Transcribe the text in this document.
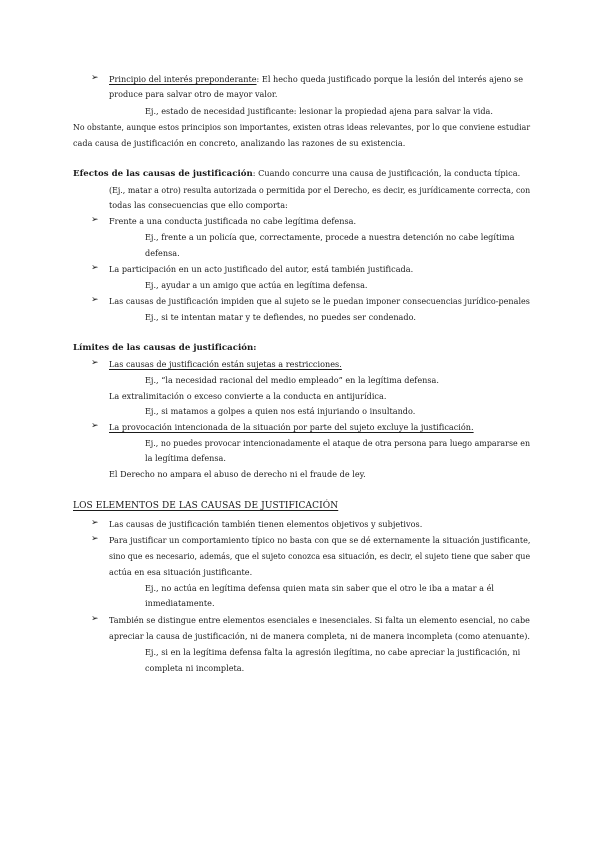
➢ Principio del interés preponderante: El hecho queda justificado porque la lesión del interés ajeno se
produce para salvar otro de mayor valor.
Ej., estado de necesidad justificante: lesionar la propiedad ajena para salvar la vida.
No obstante, aunque estos principios son importantes, existen otras ideas relevantes, por lo que conviene estudiar
cada causa de justificación en concreto, analizando las razones de su existencia.
Efectos de las causas de justificación: Cuando concurre una causa de justificación, la conducta típica.
(Ej., matar a otro) resulta autorizada o permitida por el Derecho, es decir, es jurídicamente correcta, con
todas las consecuencias que ello comporta:
➢ Frente a una conducta justificada no cabe legítima defensa.
Ej., frente a un policía que, correctamente, procede a nuestra detención no cabe legítima
defensa.
➢ La participación en un acto justificado del autor, está también justificada.
Ej., ayudar a un amigo que actúa en legítima defensa.
➢ Las causas de justificación impiden que al sujeto se le puedan imponer consecuencias jurídico-penales
Ej., si te intentan matar y te defiendes, no puedes ser condenado.
Límites de las causas de justificación:
➢ Las causas de justificación están sujetas a restricciones.
Ej., “la necesidad racional del medio empleado” en la legítima defensa.
La extralimitación o exceso convierte a la conducta en antijurídica.
Ej., si matamos a golpes a quien nos está injuriando o insultando.
➢ La provocación intencionada de la situación por parte del sujeto excluye la justificación.
Ej., no puedes provocar intencionadamente el ataque de otra persona para luego ampararse en
la legítima defensa.
El Derecho no ampara el abuso de derecho ni el fraude de ley.
LOS ELEMENTOS DE LAS CAUSAS DE JUSTIFICACIÓN
➢ Las causas de justificación también tienen elementos objetivos y subjetivos.
➢ Para justificar un comportamiento típico no basta con que se dé externamente la situación justificante,
sino que es necesario, además, que el sujeto conozca esa situación, es decir, el sujeto tiene que saber que
actúa en esa situación justificante.
Ej., no actúa en legítima defensa quien mata sin saber que el otro le iba a matar a él
inmediatamente.
➢ También se distingue entre elementos esenciales e inesenciales. Si falta un elemento esencial, no cabe
apreciar la causa de justificación, ni de manera completa, ni de manera incompleta (como atenuante).
Ej., si en la legítima defensa falta la agresión ilegítima, no cabe apreciar la justificación, ni
completa ni incompleta.
